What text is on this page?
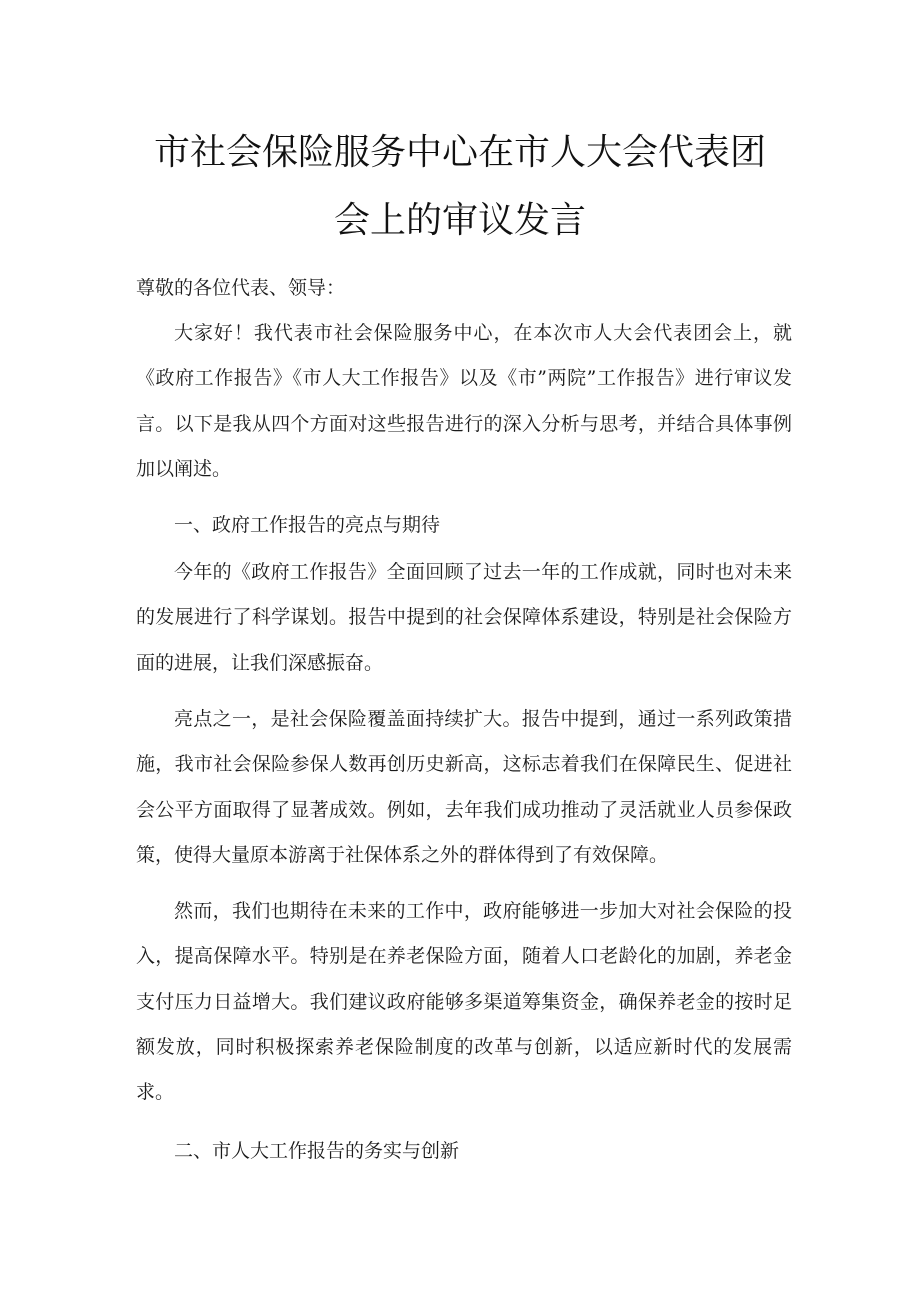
市社会保险服务中心在市人大会代表团
会上的审议发言

尊敬的各位代表、领导：

大家好！我代表市社会保险服务中心，在本次市人大会代表团会上，就《政府工作报告》《市人大工作报告》以及《市”两院”工作报告》进行审议发言。以下是我从四个方面对这些报告进行的深入分析与思考，并结合具体事例加以阐述。

一、政府工作报告的亮点与期待

今年的《政府工作报告》全面回顾了过去一年的工作成就，同时也对未来的发展进行了科学谋划。报告中提到的社会保障体系建设，特别是社会保险方面的进展，让我们深感振奋。

亮点之一，是社会保险覆盖面持续扩大。报告中提到，通过一系列政策措施，我市社会保险参保人数再创历史新高，这标志着我们在保障民生、促进社会公平方面取得了显著成效。例如，去年我们成功推动了灵活就业人员参保政策，使得大量原本游离于社保体系之外的群体得到了有效保障。

然而，我们也期待在未来的工作中，政府能够进一步加大对社会保险的投入，提高保障水平。特别是在养老保险方面，随着人口老龄化的加剧，养老金支付压力日益增大。我们建议政府能够多渠道筹集资金，确保养老金的按时足额发放，同时积极探索养老保险制度的改革与创新，以适应新时代的发展需求。

二、市人大工作报告的务实与创新
